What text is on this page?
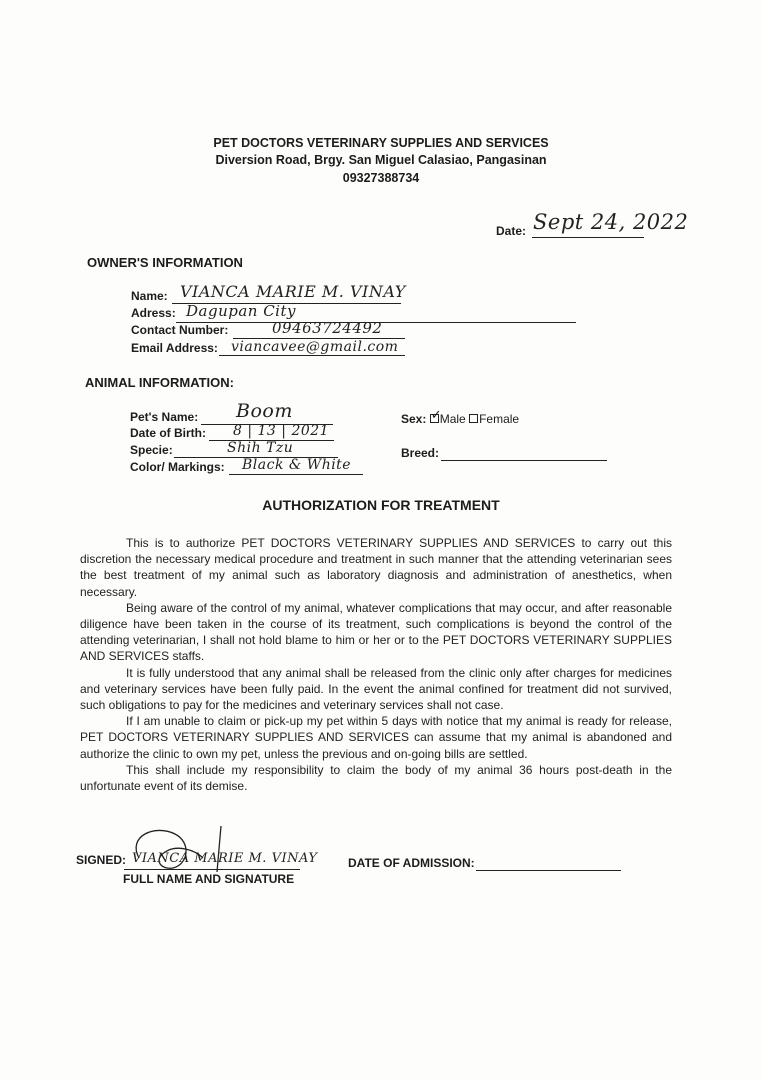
PET DOCTORS VETERINARY SUPPLIES AND SERVICES
Diversion Road, Brgy. San Miguel Calasiao, Pangasinan
09327388734
Date: Sept 24, 2022
OWNER'S INFORMATION
Name: VIANCA MARIE M. VINAY
Adress: Dagupan City
Contact Number:	09463724492
Email Address: viancavee@gmail.com
ANIMAL INFORMATION:
Pet's Name: Boom
Date of Birth: 8 | 13 | 2021
Specie:	Shih Tzu
Color/ Markings: Black & White
Sex: ✓
Male Female
Breed:
AUTHORIZATION FOR TREATMENT

This is to authorize PET DOCTORS VETERINARY SUPPLIES AND SERVICES to carry out this discretion the necessary medical procedure and treatment in such manner that the attending veterinarian sees the best treatment of my animal such as laboratory diagnosis and administration of anesthetics, when necessary.

Being aware of the control of my animal, whatever complications that may occur, and after reasonable diligence have been taken in the course of its treatment, such complications is beyond the control of the attending veterinarian, I shall not hold blame to him or her or to the PET DOCTORS VETERINARY SUPPLIES AND SERVICES staffs.

It is fully understood that any animal shall be released from the clinic only after charges for medicines and veterinary services have been fully paid. In the event the animal confined for treatment did not survived, such obligations to pay for the medicines and veterinary services shall not case.

If I am unable to claim or pick-up my pet within 5 days with notice that my animal is ready for release, PET DOCTORS VETERINARY SUPPLIES AND SERVICES can assume that my animal is abandoned and authorize the clinic to own my pet, unless the previous and on-going bills are settled.

This shall include my responsibility to claim the body of my animal 36 hours post-death in the unfortunate event of its demise.

SIGNED: VIANCA MARIE M. VINAY
FULL NAME AND SIGNATURE
DATE OF ADMISSION:
